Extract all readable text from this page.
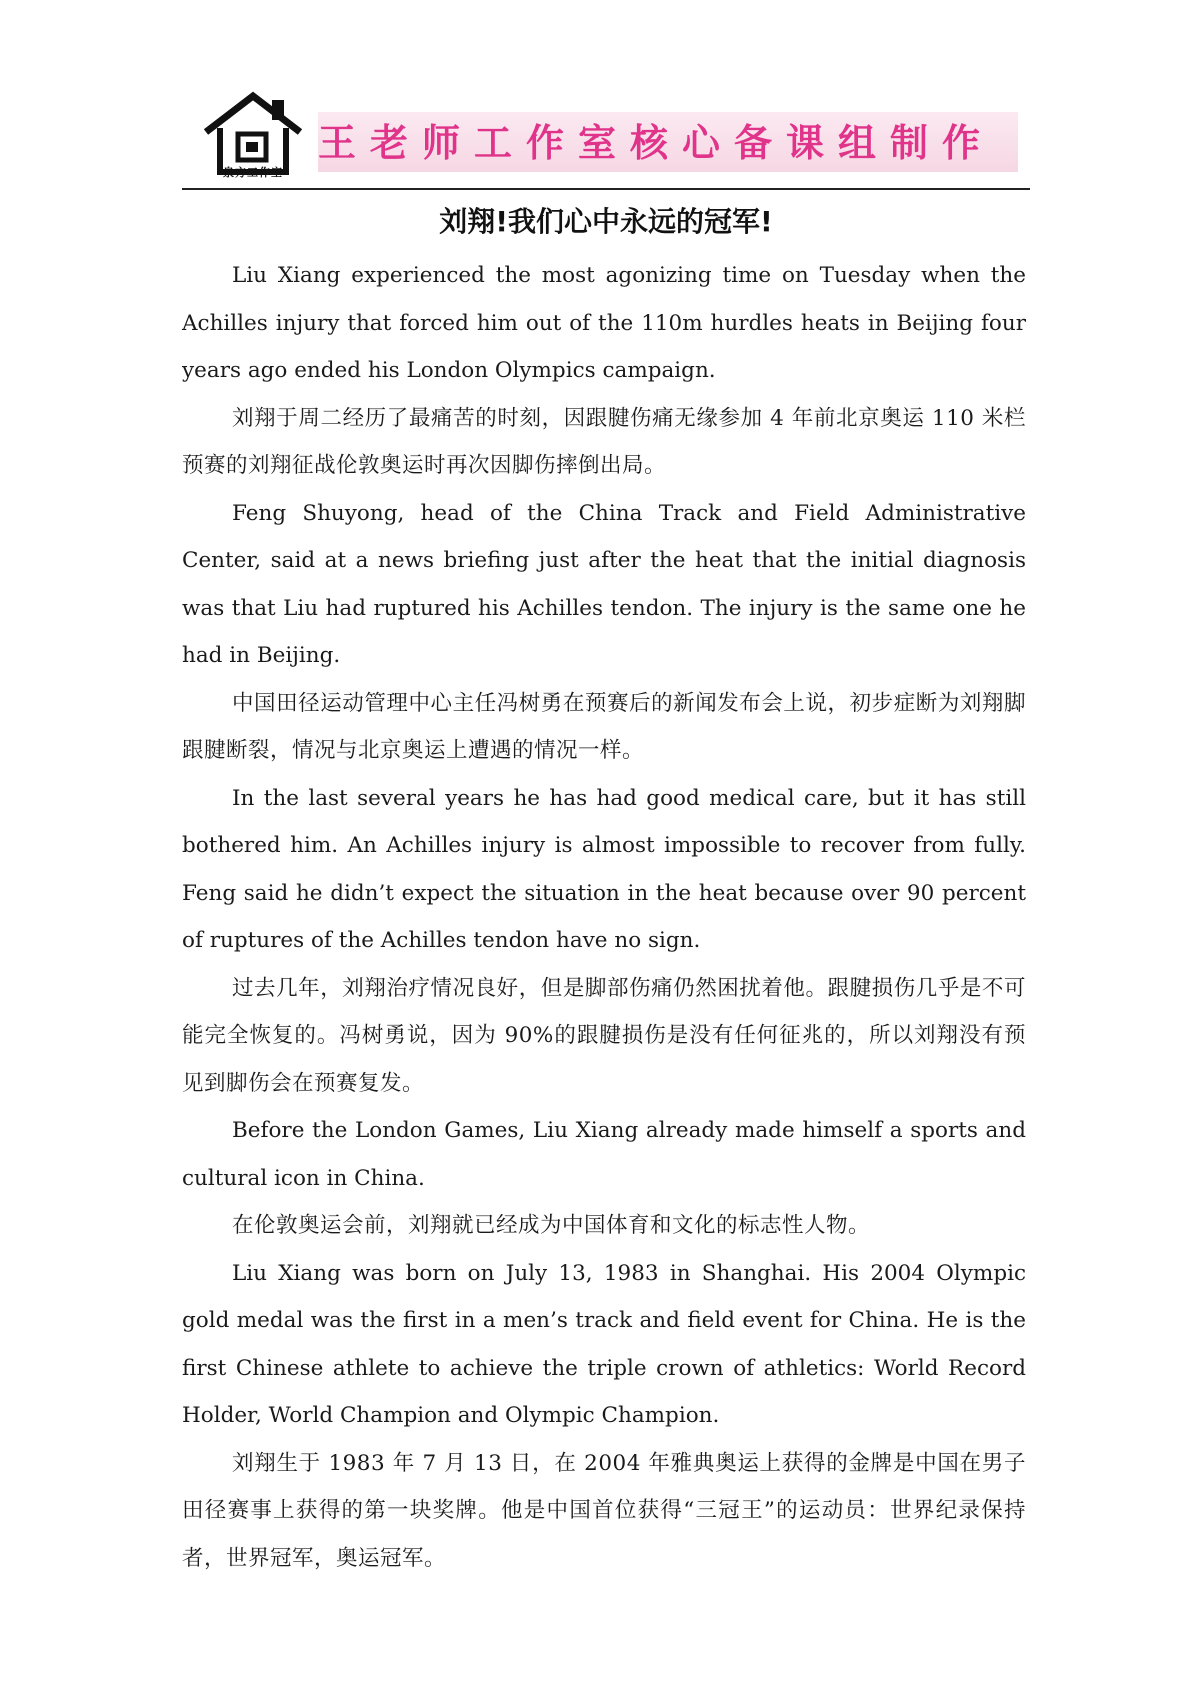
泉方工作室
王老师工作室核心备课组制作
刘翔!我们心中永远的冠军!

Liu Xiang experienced the most agonizing time on Tuesday when the Achilles injury that forced him out of the 110m hurdles heats in Beijing four years ago ended his London Olympics campaign.

刘翔于周二经历了最痛苦的时刻，因跟腱伤痛无缘参加 4 年前北京奥运 110 米栏预赛的刘翔征战伦敦奥运时再次因脚伤摔倒出局。

Feng Shuyong, head of the China Track and Field Administrative Center, said at a news briefing just after the heat that the initial diagnosis was that Liu had ruptured his Achilles tendon. The injury is the same one he had in Beijing.

中国田径运动管理中心主任冯树勇在预赛后的新闻发布会上说，初步症断为刘翔脚跟腱断裂，情况与北京奥运上遭遇的情况一样。

In the last several years he has had good medical care, but it has still bothered him. An Achilles injury is almost impossible to recover from fully. Feng said he didn’t expect the situation in the heat because over 90 percent of ruptures of the Achilles tendon have no sign.

过去几年，刘翔治疗情况良好，但是脚部伤痛仍然困扰着他。跟腱损伤几乎是不可能完全恢复的。冯树勇说，因为 90%的跟腱损伤是没有任何征兆的，所以刘翔没有预见到脚伤会在预赛复发。

Before the London Games, Liu Xiang already made himself a sports and cultural icon in China.

在伦敦奥运会前，刘翔就已经成为中国体育和文化的标志性人物。

Liu Xiang was born on July 13, 1983 in Shanghai. His 2004 Olympic gold medal was the first in a men’s track and field event for China. He is the first Chinese athlete to achieve the triple crown of athletics: World Record Holder, World Champion and Olympic Champion.

刘翔生于 1983 年 7 月 13 日，在 2004 年雅典奥运上获得的金牌是中国在男子田径赛事上获得的第一块奖牌。他是中国首位获得“三冠王”的运动员：世界纪录保持者，世界冠军，奥运冠军。
